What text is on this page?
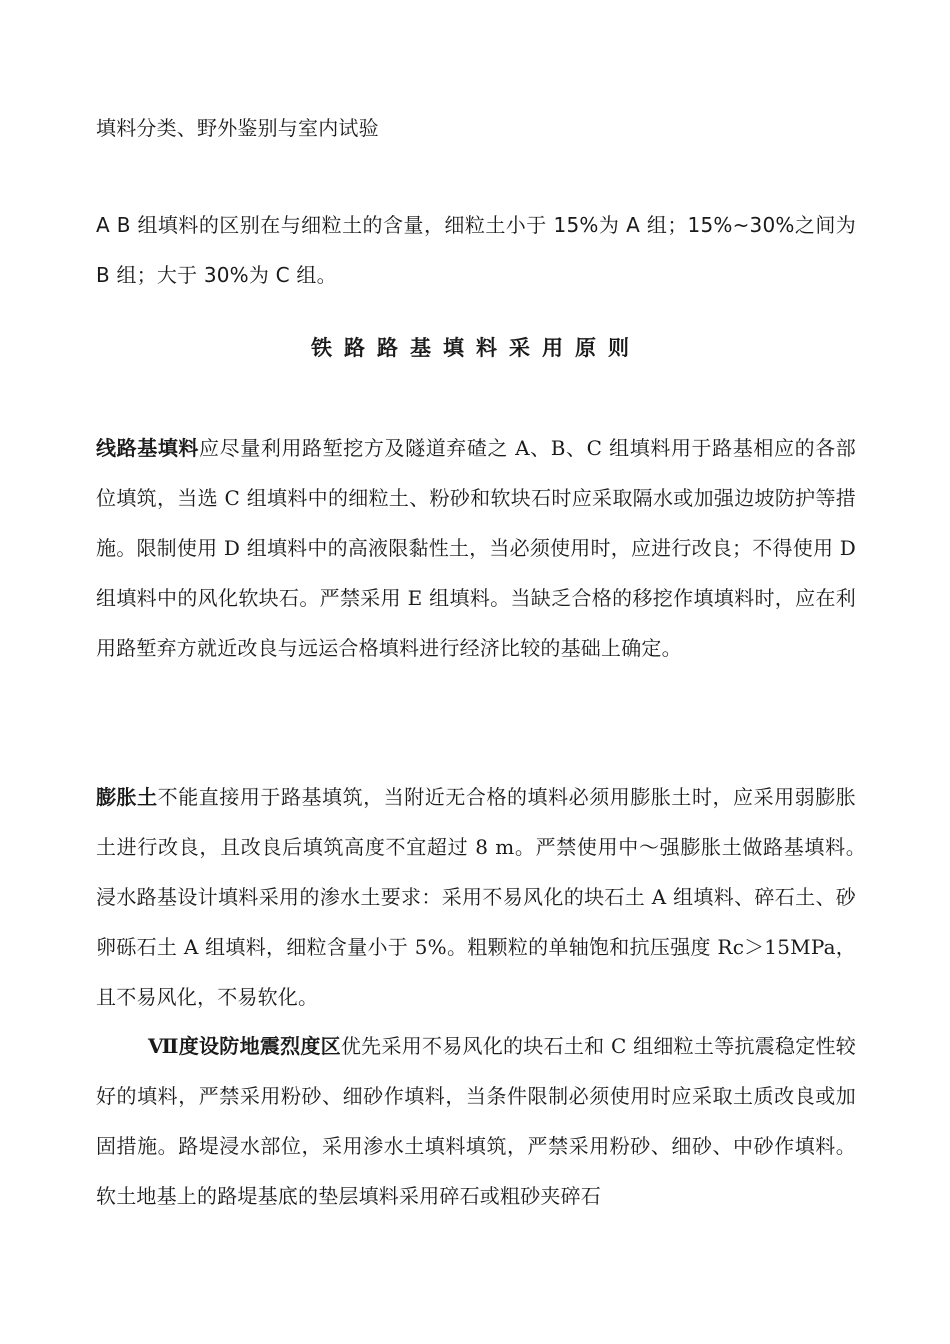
填料分类、野外鉴别与室内试验
A B 组填料的区别在与细粒土的含量，细粒土小于 15%为 A 组；15%~30%之间为 B 组；大于 30%为 C 组。
铁路路基填料采用原则
线路基填料应尽量利用路堑挖方及隧道弃碴之 A、B、C 组填料用于路基相应的各部位填筑，当选 C 组填料中的细粒土、粉砂和软块石时应采取隔水或加强边坡防护等措施。限制使用 D 组填料中的高液限黏性土，当必须使用时，应进行改良；不得使用 D 组填料中的风化软块石。严禁采用 E 组填料。当缺乏合格的移挖作填填料时，应在利用路堑弃方就近改良与远运合格填料进行经济比较的基础上确定。
膨胀土不能直接用于路基填筑，当附近无合格的填料必须用膨胀土时，应采用弱膨胀土进行改良，且改良后填筑高度不宜超过 8 m。严禁使用中～强膨胀土做路基填料。　浸水路基设计填料采用的渗水土要求：采用不易风化的块石土 A 组填料、碎石土、砂卵砾石土 A 组填料，细粒含量小于 5%。粗颗粒的单轴饱和抗压强度 Rc＞15MPa，且不易风化，不易软化。
Ⅶ度设防地震烈度区优先采用不易风化的块石土和 C 组细粒土等抗震稳定性较好的填料，严禁采用粉砂、细砂作填料，当条件限制必须使用时应采取土质改良或加固措施。路堤浸水部位，采用渗水土填料填筑，严禁采用粉砂、细砂、中砂作填料。软土地基上的路堤基底的垫层填料采用碎石或粗砂夹碎石
